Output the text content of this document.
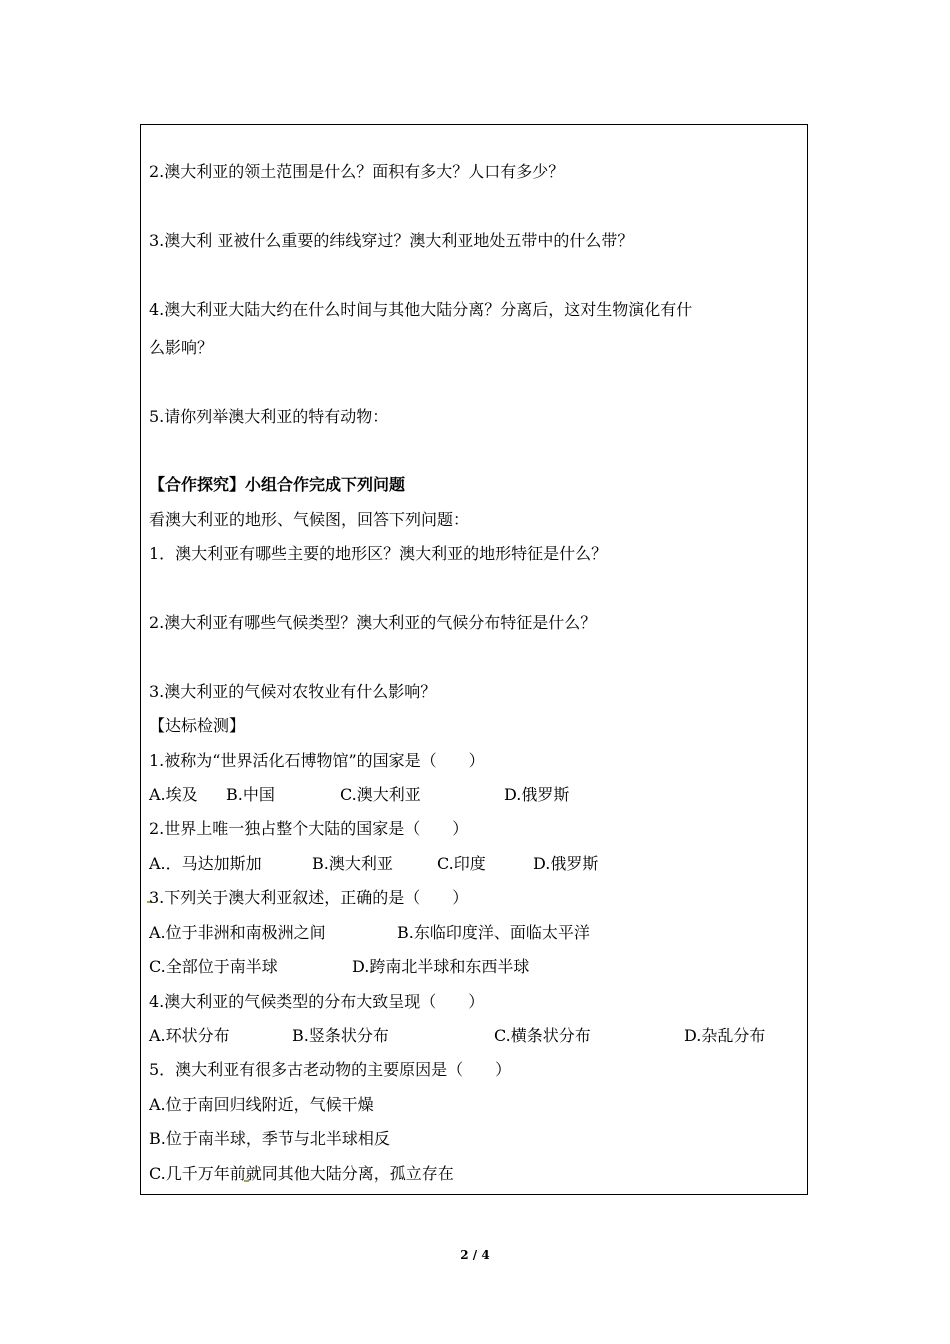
2.澳大利亚的领土范围是什么？面积有多大？人口有多少？
3.澳大利 亚被什么重要的纬线穿过？澳大利亚地处五带中的什么带？
4.澳大利亚大陆大约在什么时间与其他大陆分离？分离后，这对生物演化有什
么影响？
5.请你列举澳大利亚的特有动物：
【合作探究】小组合作完成下列问题
看澳大利亚的地形、气候图，回答下列问题：
1．澳大利亚有哪些主要的地形区？澳大利亚的地形特征是什么？
2.澳大利亚有哪些气候类型？澳大利亚的气候分布特征是什么？
3.澳大利亚的气候对农牧业有什么影响？
【达标检测】
1.被称为“世界活化石博物馆”的国家是（　　）
A.埃及 B.中国	C.澳大利亚	D.俄罗斯
2.世界上唯一独占整个大陆的国家是（　　）
A.．马达加斯加	B.澳大利亚	C.印度	D.俄罗斯
3.下列关于澳大利亚叙述，正确的是（　　）
A.位于非洲和南极洲之间	B.东临印度洋、面临太平洋
C.全部位于南半球	D.跨南北半球和东西半球
4.澳大利亚的气候类型的分布大致呈现（　　）
A.环状分布	B.竖条状分布	C.横条状分布	D.杂乱分布
5．澳大利亚有很多古老动物的主要原因是（　　）
A.位于南回归线附近，气候干燥
B.位于南半球，季节与北半球相反
C.几千万年前就同其他大陆分离，孤立存在
2 / 4
